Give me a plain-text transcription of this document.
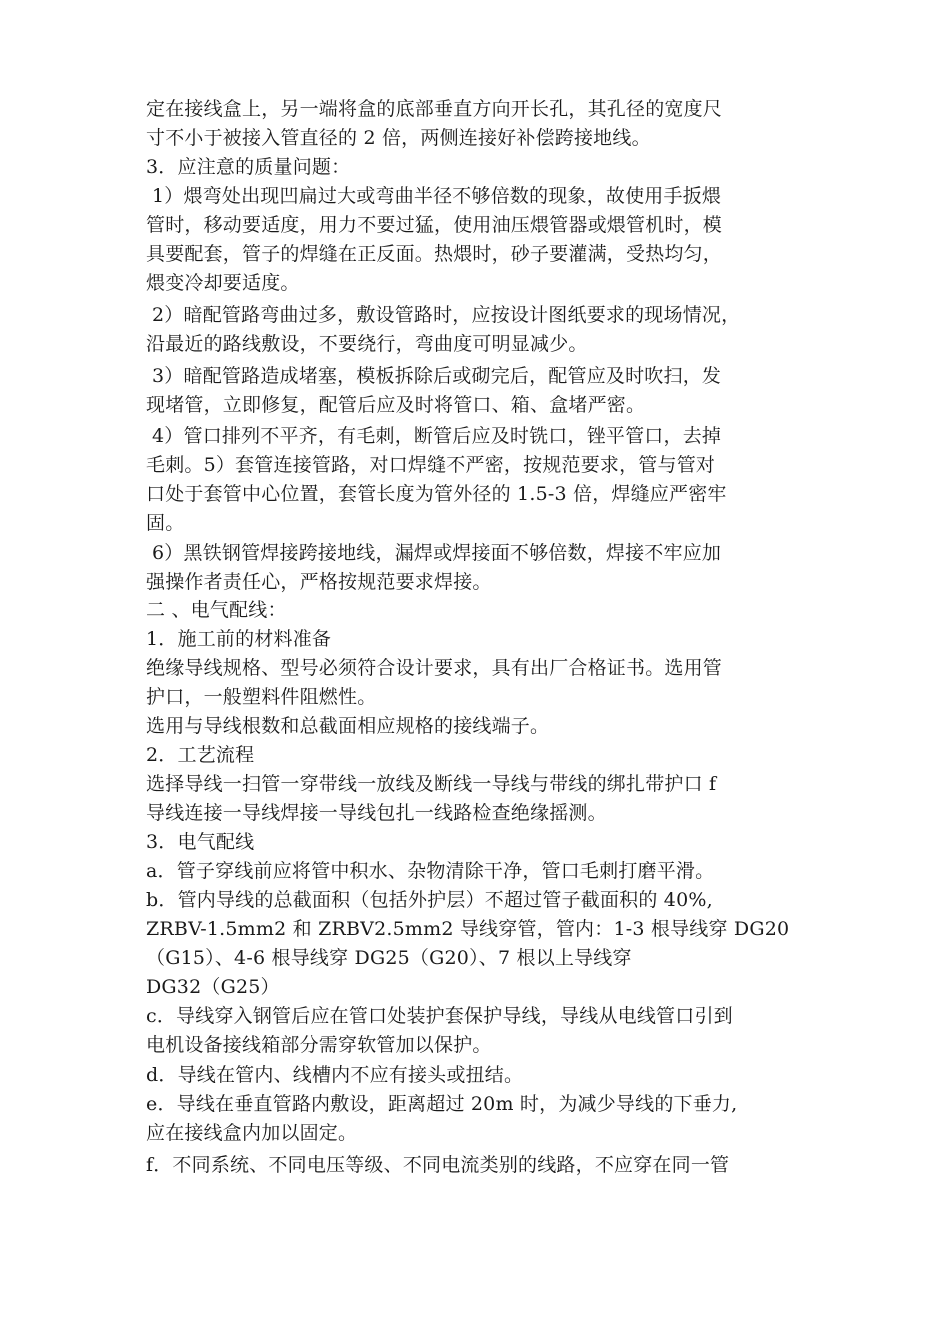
定在接线盒上，另一端将盒的底部垂直方向开长孔，其孔径的宽度尺
寸不小于被接入管直径的 2 倍，两侧连接好补偿跨接地线。
3．应注意的质量问题：
1）煨弯处出现凹扁过大或弯曲半径不够倍数的现象，故使用手扳煨
管时，移动要适度，用力不要过猛，使用油压煨管器或煨管机时，模
具要配套，管子的焊缝在正反面。热煨时，砂子要灌满，受热均匀，
煨变冷却要适度。
2）暗配管路弯曲过多，敷设管路时，应按设计图纸要求的现场情况，
沿最近的路线敷设，不要绕行，弯曲度可明显减少。
3）暗配管路造成堵塞，模板拆除后或砌完后，配管应及时吹扫，发
现堵管，立即修复，配管后应及时将管口、箱、盒堵严密。
4）管口排列不平齐，有毛刺，断管后应及时铣口，锉平管口，去掉
毛刺。5）套管连接管路，对口焊缝不严密，按规范要求，管与管对
口处于套管中心位置，套管长度为管外径的 1.5-3 倍，焊缝应严密牢
固。
6）黑铁钢管焊接跨接地线，漏焊或焊接面不够倍数，焊接不牢应加
强操作者责任心，严格按规范要求焊接。
二 、电气配线：
1．施工前的材料准备
绝缘导线规格、型号必须符合设计要求，具有出厂合格证书。选用管
护口，一般塑料件阻燃性。
选用与导线根数和总截面相应规格的接线端子。
2．工艺流程
选择导线一扫管一穿带线一放线及断线一导线与带线的绑扎带护口 f
导线连接一导线焊接一导线包扎一线路检查绝缘摇测。
3．电气配线
a．管子穿线前应将管中积水、杂物清除干净，管口毛刺打磨平滑。
b．管内导线的总截面积（包括外护层）不超过管子截面积的 40%,
ZRBV-1.5mm2 和 ZRBV2.5mm2 导线穿管，管内：1-3 根导线穿 DG20
（G15）、4-6 根导线穿 DG25（G20）、7 根以上导线穿
DG32（G25）
c．导线穿入钢管后应在管口处装护套保护导线，导线从电线管口引到
电机设备接线箱部分需穿软管加以保护。
d．导线在管内、线槽内不应有接头或扭结。
e．导线在垂直管路内敷设，距离超过 20m 时，为减少导线的下垂力,
应在接线盒内加以固定。
f．不同系统、不同电压等级、不同电流类别的线路，不应穿在同一管
